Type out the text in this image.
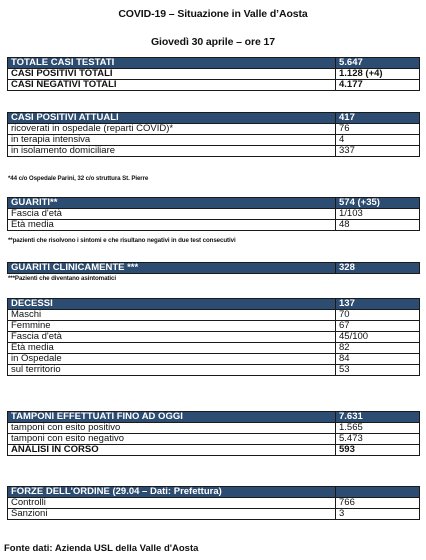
COVID-19 – Situazione in Valle d’Aosta
Giovedì 30 aprile – ore 17
TOTALE CASI TESTATI	5.647
CASI POSITIVI TOTALI	1.128 (+4)
CASI NEGATIVI TOTALI	4.177
CASI POSITIVI ATTUALI	417
ricoverati in ospedale (reparti COVID)*	76
in terapia intensiva	4
in isolamento domiciliare	337
*44 c/o Ospedale Parini, 32 c/o struttura St. Pierre
GUARITI**	574 (+35)
Fascia d'età	1/103
Età media	48
**pazienti che risolvono i sintomi e che risultano negativi in due test consecutivi
GUARITI CLINICAMENTE ***	328
***Pazienti che diventano asintomatici
DECESSI	137
Maschi	70
Femmine	67
Fascia d'età	45/100
Età media	82
in Ospedale	84
sul territorio	53
TAMPONI EFFETTUATI FINO AD OGGI	7.631
tamponi con esito positivo	1.565
tamponi con esito negativo	5.473
ANALISI IN CORSO	593
FORZE DELL'ORDINE (29.04 – Dati: Prefettura)	
Controlli	766
Sanzioni	3
Fonte dati: Azienda USL della Valle d'Aosta
